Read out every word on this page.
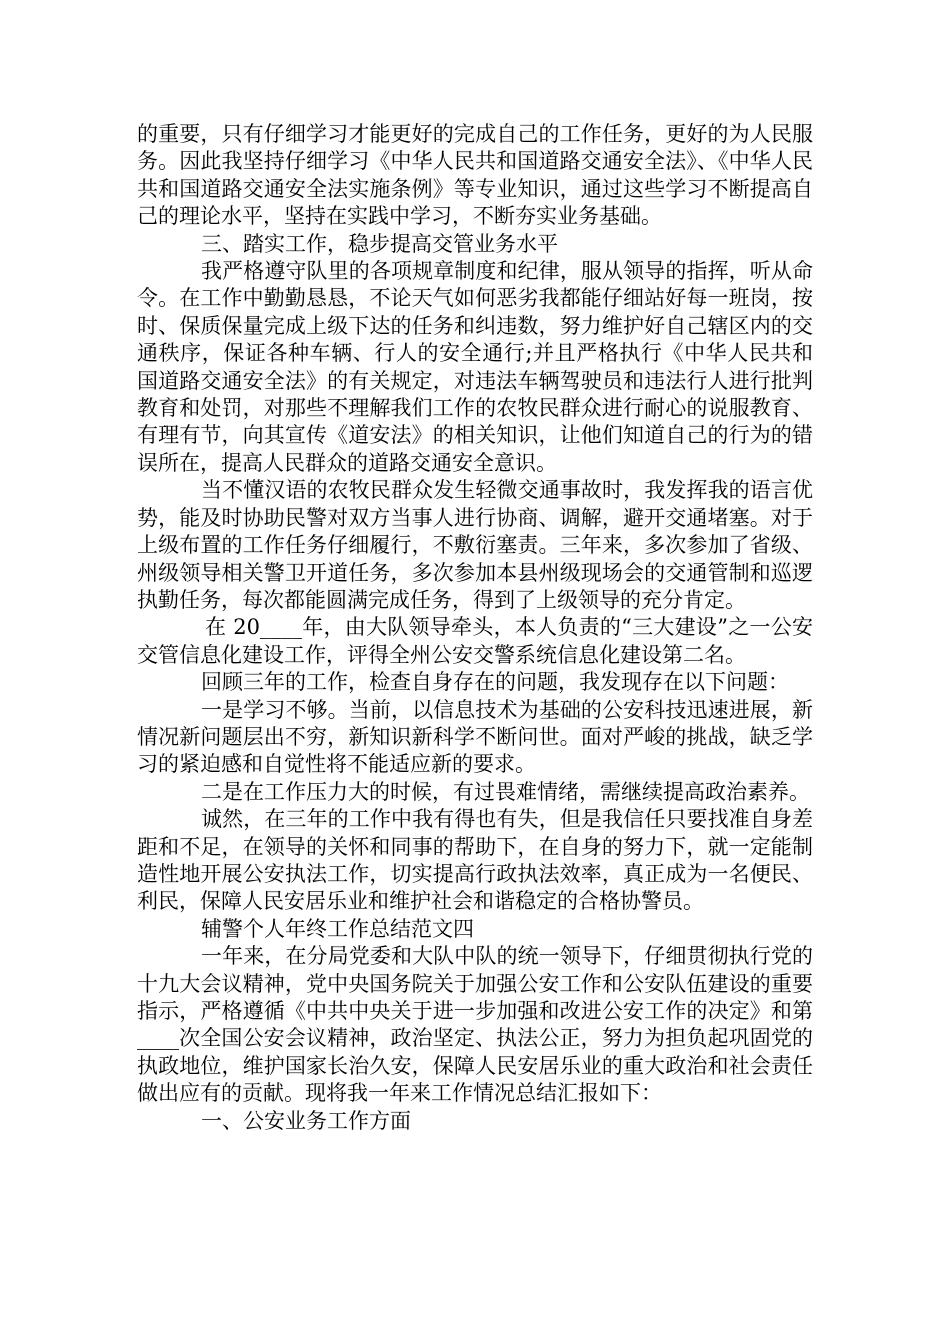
的重要，只有仔细学习才能更好的完成自己的工作任务，更好的为人民服务。因此我坚持仔细学习《中华人民共和国道路交通安全法》、《中华人民共和国道路交通安全法实施条例》等专业知识，通过这些学习不断提高自己的理论水平，坚持在实践中学习，不断夯实业务基础。

三、踏实工作，稳步提高交管业务水平

我严格遵守队里的各项规章制度和纪律，服从领导的指挥，听从命令。在工作中勤勤恳恳，不论天气如何恶劣我都能仔细站好每一班岗，按时、保质保量完成上级下达的任务和纠违数，努力维护好自己辖区内的交通秩序，保证各种车辆、行人的安全通行;并且严格执行《中华人民共和国道路交通安全法》的有关规定，对违法车辆驾驶员和违法行人进行批判教育和处罚，对那些不理解我们工作的农牧民群众进行耐心的说服教育、有理有节，向其宣传《道安法》的相关知识，让他们知道自己的行为的错误所在，提高人民群众的道路交通安全意识。

当不懂汉语的农牧民群众发生轻微交通事故时，我发挥我的语言优势，能及时协助民警对双方当事人进行协商、调解，避开交通堵塞。对于上级布置的工作任务仔细履行，不敷衍塞责。三年来，多次参加了省级、州级领导相关警卫开道任务，多次参加本县州级现场会的交通管制和巡逻执勤任务，每次都能圆满完成任务，得到了上级领导的充分肯定。

在 20____年，由大队领导牵头，本人负责的“三大建设”之一公安交管信息化建设工作，评得全州公安交警系统信息化建设第二名。

回顾三年的工作，检查自身存在的问题，我发现存在以下问题：

一是学习不够。当前，以信息技术为基础的公安科技迅速进展，新情况新问题层出不穷，新知识新科学不断问世。面对严峻的挑战，缺乏学习的紧迫感和自觉性将不能适应新的要求。

二是在工作压力大的时候，有过畏难情绪，需继续提高政治素养。

诚然，在三年的工作中我有得也有失，但是我信任只要找准自身差距和不足，在领导的关怀和同事的帮助下，在自身的努力下，就一定能制造性地开展公安执法工作，切实提高行政执法效率，真正成为一名便民、利民，保障人民安居乐业和维护社会和谐稳定的合格协警员。

辅警个人年终工作总结范文四

一年来，在分局党委和大队中队的统一领导下，仔细贯彻执行党的十九大会议精神，党中央国务院关于加强公安工作和公安队伍建设的重要指示，严格遵循《中共中央关于进一步加强和改进公安工作的决定》和第____次全国公安会议精神，政治坚定、执法公正，努力为担负起巩固党的执政地位，维护国家长治久安，保障人民安居乐业的重大政治和社会责任做出应有的贡献。现将我一年来工作情况总结汇报如下：

一、公安业务工作方面
